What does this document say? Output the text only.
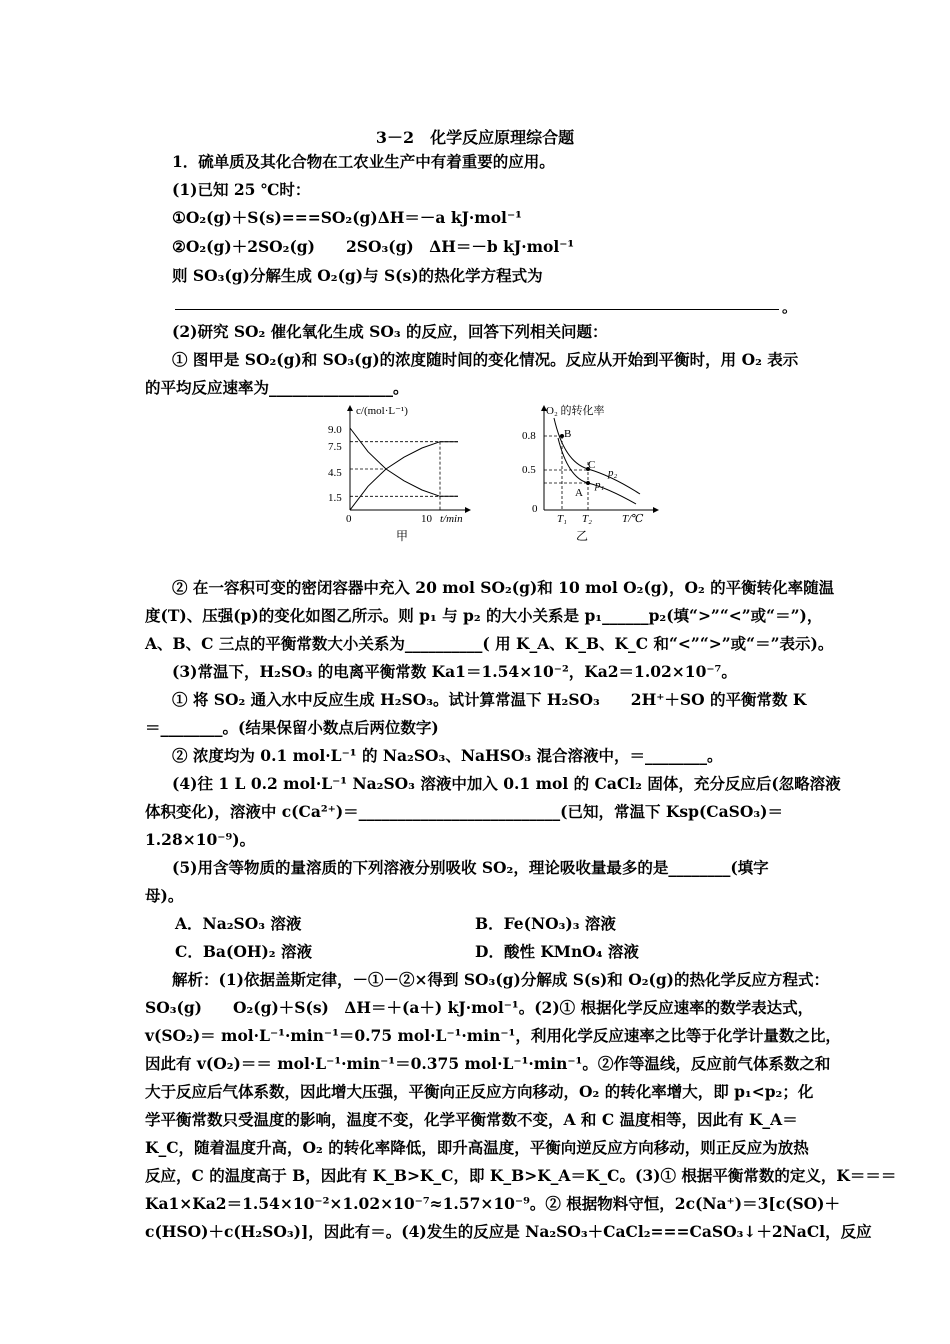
3－2　化学反应原理综合题
1．硫单质及其化合物在工农业生产中有着重要的应用。
(1)已知 25 ℃时：
①O₂(g)＋S(s)===SO₂(g)ΔH＝－a kJ·mol⁻¹
②O₂(g)＋2SO₂(g)　　2SO₃(g)　ΔH＝－b kJ·mol⁻¹
则 SO₃(g)分解生成 O₂(g)与 S(s)的热化学方程式为
。
(2)研究 SO₂ 催化氧化生成 SO₃ 的反应，回答下列相关问题：
① 图甲是 SO₂(g)和 SO₃(g)的浓度随时间的变化情况。反应从开始到平衡时，用 O₂ 表示
的平均反应速率为________________。
c/(mol·L⁻¹)
t/min
9.0
7.5
4.5
1.5
0	10
甲
O₂ 的转化率
T/℃
0.8
0.5
0
T₁ T₂
p₂
p₁
B
C
A
乙
② 在一容积可变的密闭容器中充入 20 mol SO₂(g)和 10 mol O₂(g)，O₂ 的平衡转化率随温
度(T)、压强(p)的变化如图乙所示。则 p₁ 与 p₂ 的大小关系是 p₁______p₂(填“>”“<”或“＝”)，
A、B、C 三点的平衡常数大小关系为__________( 用 K_A、K_B、K_C 和“<”“>”或“＝”表示)。
(3)常温下，H₂SO₃ 的电离平衡常数 Ka1＝1.54×10⁻²，Ka2＝1.02×10⁻⁷。
① 将 SO₂ 通入水中反应生成 H₂SO₃。试计算常温下 H₂SO₃　　2H⁺＋SO 的平衡常数 K
＝________。(结果保留小数点后两位数字)
② 浓度均为 0.1 mol·L⁻¹ 的 Na₂SO₃、NaHSO₃ 混合溶液中，＝________。
(4)往 1 L 0.2 mol·L⁻¹ Na₂SO₃ 溶液中加入 0.1 mol 的 CaCl₂ 固体，充分反应后(忽略溶液
体积变化)，溶液中 c(Ca²⁺)＝__________________________(已知，常温下 Ksp(CaSO₃)＝
1.28×10⁻⁹)。
(5)用含等物质的量溶质的下列溶液分别吸收 SO₂，理论吸收量最多的是________(填字
母)。
A．Na₂SO₃ 溶液	B．Fe(NO₃)₃ 溶液
C．Ba(OH)₂ 溶液	D．酸性 KMnO₄ 溶液
解析：(1)依据盖斯定律，－①－②×得到 SO₃(g)分解成 S(s)和 O₂(g)的热化学反应方程式：
SO₃(g)　　O₂(g)＋S(s)　ΔH＝＋(a＋) kJ·mol⁻¹。(2)① 根据化学反应速率的数学表达式，
v(SO₂)＝ mol·L⁻¹·min⁻¹＝0.75 mol·L⁻¹·min⁻¹，利用化学反应速率之比等于化学计量数之比，
因此有 v(O₂)＝＝ mol·L⁻¹·min⁻¹＝0.375 mol·L⁻¹·min⁻¹。②作等温线，反应前气体系数之和
大于反应后气体系数，因此增大压强，平衡向正反应方向移动，O₂ 的转化率增大，即 p₁<p₂；化
学平衡常数只受温度的影响，温度不变，化学平衡常数不变，A 和 C 温度相等，因此有 K_A＝
K_C，随着温度升高，O₂ 的转化率降低，即升高温度，平衡向逆反应方向移动，则正反应为放热
反应，C 的温度高于 B，因此有 K_B>K_C，即 K_B>K_A＝K_C。(3)① 根据平衡常数的定义，K＝＝＝
Ka1×Ka2＝1.54×10⁻²×1.02×10⁻⁷≈1.57×10⁻⁹。② 根据物料守恒，2c(Na⁺)＝3[c(SO)＋
c(HSO)＋c(H₂SO₃)]，因此有＝。(4)发生的反应是 Na₂SO₃＋CaCl₂===CaSO₃↓＋2NaCl，反应
